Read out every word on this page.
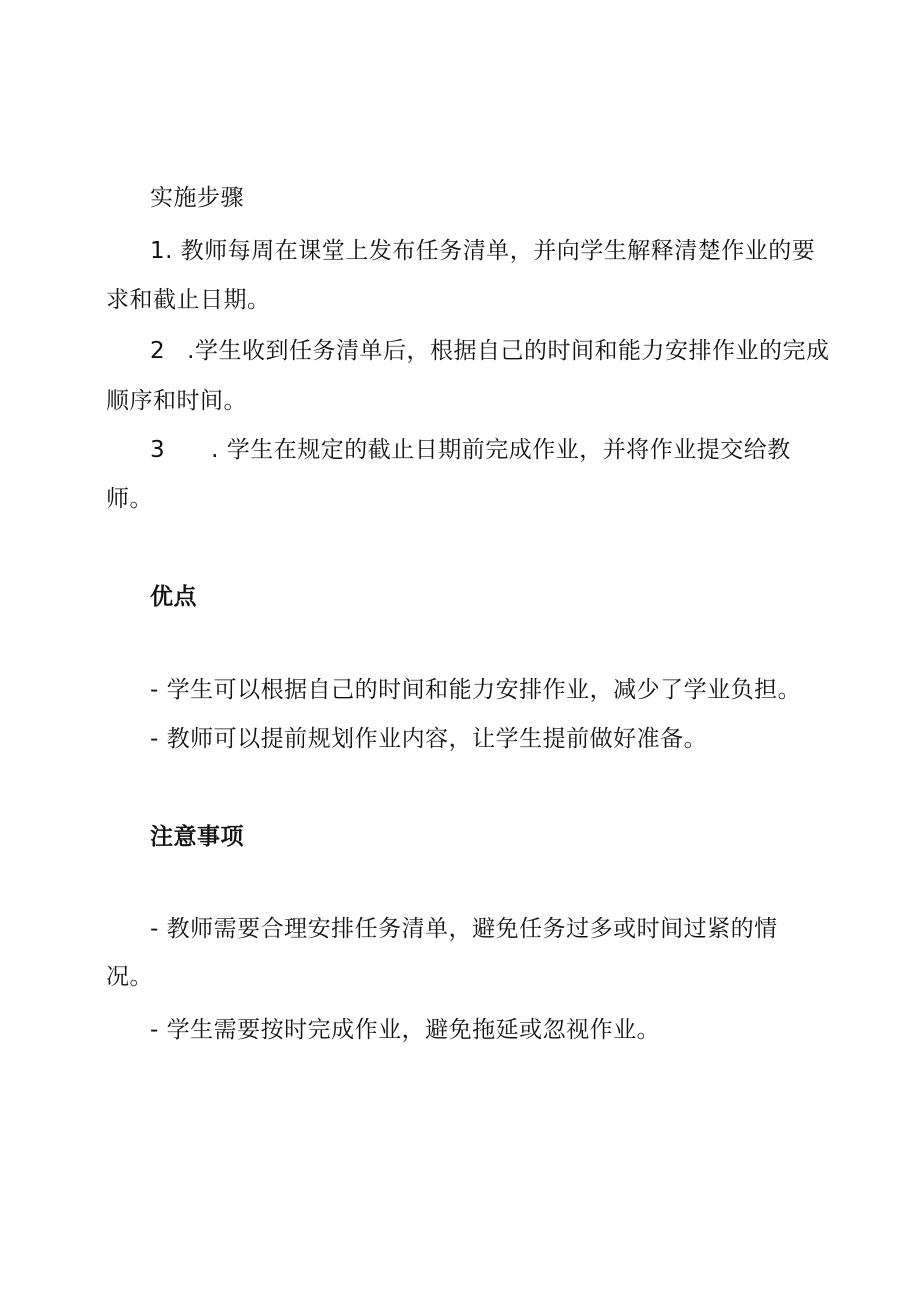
实施步骤
1. 教师每周在课堂上发布任务清单，并向学生解释清楚作业的要
求和截止日期。
2 .学生收到任务清单后，根据自己的时间和能力安排作业的完成
顺序和时间。
3 . 学生在规定的截止日期前完成作业，并将作业提交给教
师。
优点
- 学生可以根据自己的时间和能力安排作业，减少了学业负担。
- 教师可以提前规划作业内容，让学生提前做好准备。
注意事项
- 教师需要合理安排任务清单，避免任务过多或时间过紧的情
况。
- 学生需要按时完成作业，避免拖延或忽视作业。
